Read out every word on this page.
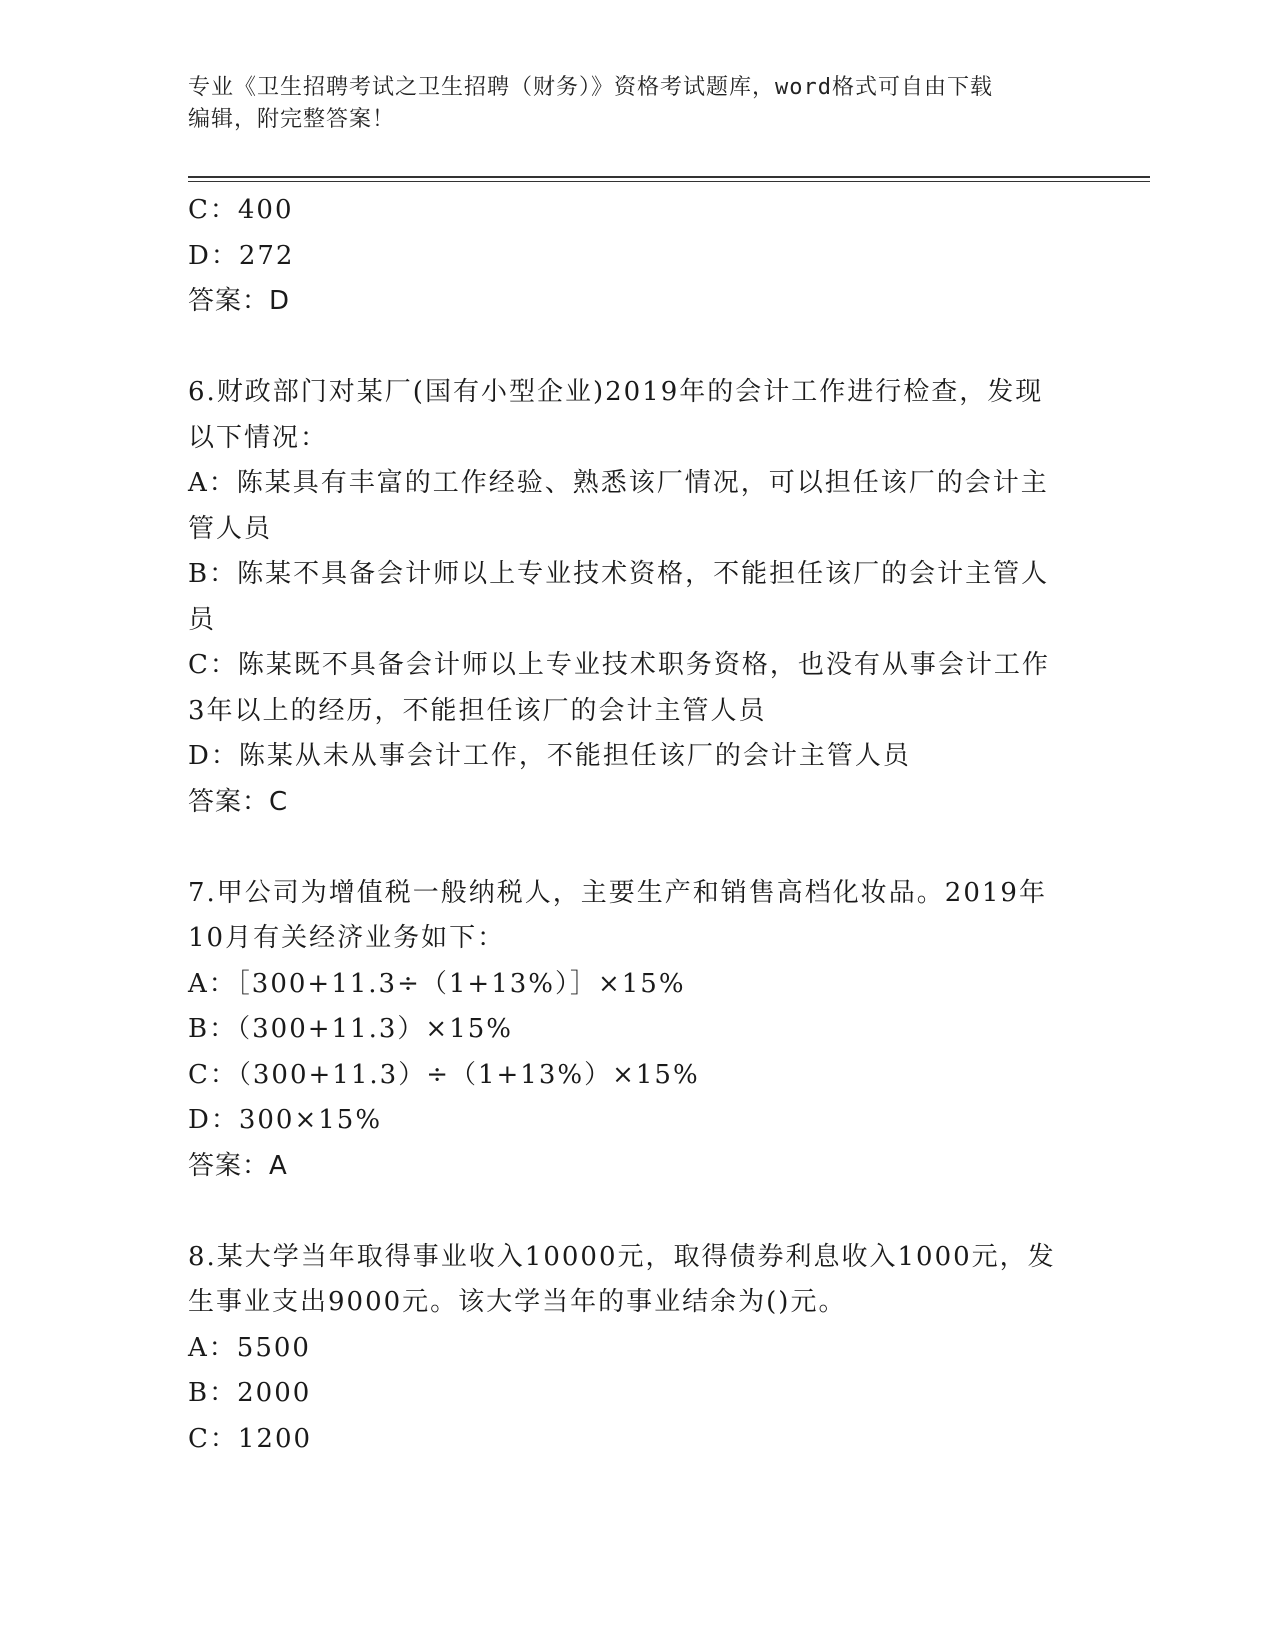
专业《卫生招聘考试之卫生招聘（财务）》资格考试题库，word格式可自由下载
编辑，附完整答案！

C：400

D：272

答案：D

6.财政部门对某厂(国有小型企业)2019年的会计工作进行检查，发现

以下情况：

A：陈某具有丰富的工作经验、熟悉该厂情况，可以担任该厂的会计主

管人员

B：陈某不具备会计师以上专业技术资格，不能担任该厂的会计主管人

员

C：陈某既不具备会计师以上专业技术职务资格，也没有从事会计工作

3年以上的经历，不能担任该厂的会计主管人员

D：陈某从未从事会计工作，不能担任该厂的会计主管人员

答案：C

7.甲公司为增值税一般纳税人，主要生产和销售高档化妆品。2019年

10月有关经济业务如下：

A：［300+11.3÷（1+13%）］×15%

B：（300+11.3）×15%

C：（300+11.3）÷（1+13%）×15%

D：300×15%

答案：A

8.某大学当年取得事业收入10000元，取得债券利息收入1000元，发

生事业支出9000元。该大学当年的事业结余为()元。

A：5500

B：2000

C：1200
